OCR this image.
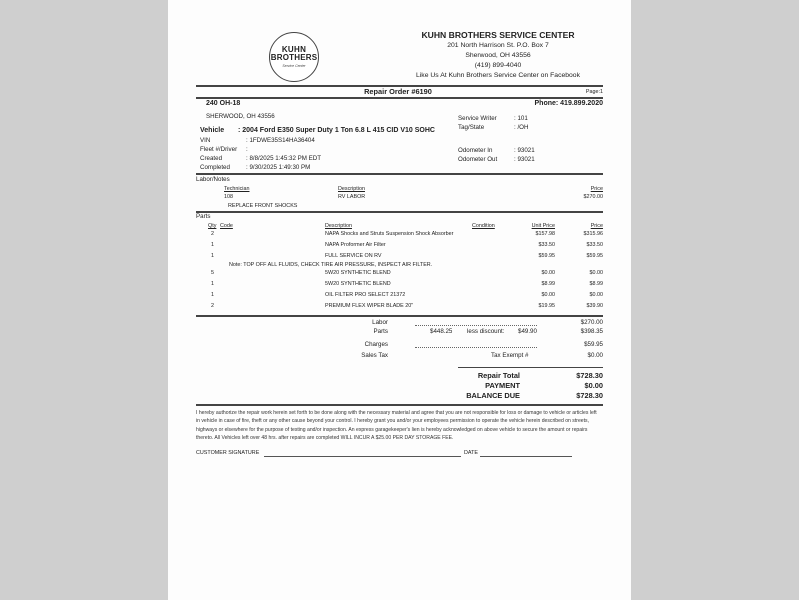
KUHN
BROTHERS
Service Center
KUHN BROTHERS SERVICE CENTER
201 North Harrison St. P.O. Box 7
Sherwood, OH 43556
(419) 899-4040
Like Us At Kuhn Brothers Service Center on Facebook
Repair Order #6190	Page:1
240 OH-18	Phone: 419.899.2020
SHERWOOD, OH 43556
Vehicle : 2004 Ford E350 Super Duty 1 Ton 6.8 L 415 CID V10 SOHC
VIN	: 1FDWE35S14HA36404
Fleet #/Driver :
Created	: 8/8/2025 1:45:32 PM EDT
Completed	: 9/30/2025 1:49:30 PM
Service Writer	: 101
Tag/State	: /OH
Odometer In	: 93021
Odometer Out	: 93021
Labor/Notes
Technician	Description	Price
108	RV LABOR	$270.00
REPLACE FRONT SHOCKS
Parts
Qty Code	Description	Condition	Unit Price	Price
2	NAPA Shocks and Struts Suspension Shock Absorber	$157.98	$315.96
1	NAPA Proformer Air Filter	$33.50	$33.50
1	FULL SERVICE ON RV	$59.95	$59.95
Note: TOP OFF ALL FLUIDS, CHECK TIRE AIR PRESSURE, INSPECT AIR FILTER.
5	5W20 SYNTHETIC BLEND	$0.00	$0.00
1	5W20 SYNTHETIC BLEND	$8.99	$8.99
1	OIL FILTER PRO SELECT 21372	$0.00	$0.00
2	PREMIUM FLEX WIPER BLADE 20"	$19.95	$39.90
Labor	$270.00
Parts	$448.25 less discount: $49.90	$398.35
Charges	$59.95
Sales Tax	Tax Exempt #	$0.00
Repair Total	$728.30
PAYMENT	$0.00
BALANCE DUE	$728.30
I hereby authorize the repair work herein set forth to be done along with the necessary material and agree that you are not responsible for loss or damage to vehicle or articles left in vehicle in case of fire, theft or any other cause beyond your control. I hereby grant you and/or your employees permission to operate the vehicle herein described on streets, highways or elsewhere for the purpose of testing and/or inspection. An express garagekeeper's lien is hereby acknowledged on above vehicle to secure the amount or repairs thereto. All Vehicles left over 48 hrs. after repairs are completed WILL INCUR A $25.00 PER DAY STORAGE FEE.
CUSTOMER SIGNATURE	DATE
